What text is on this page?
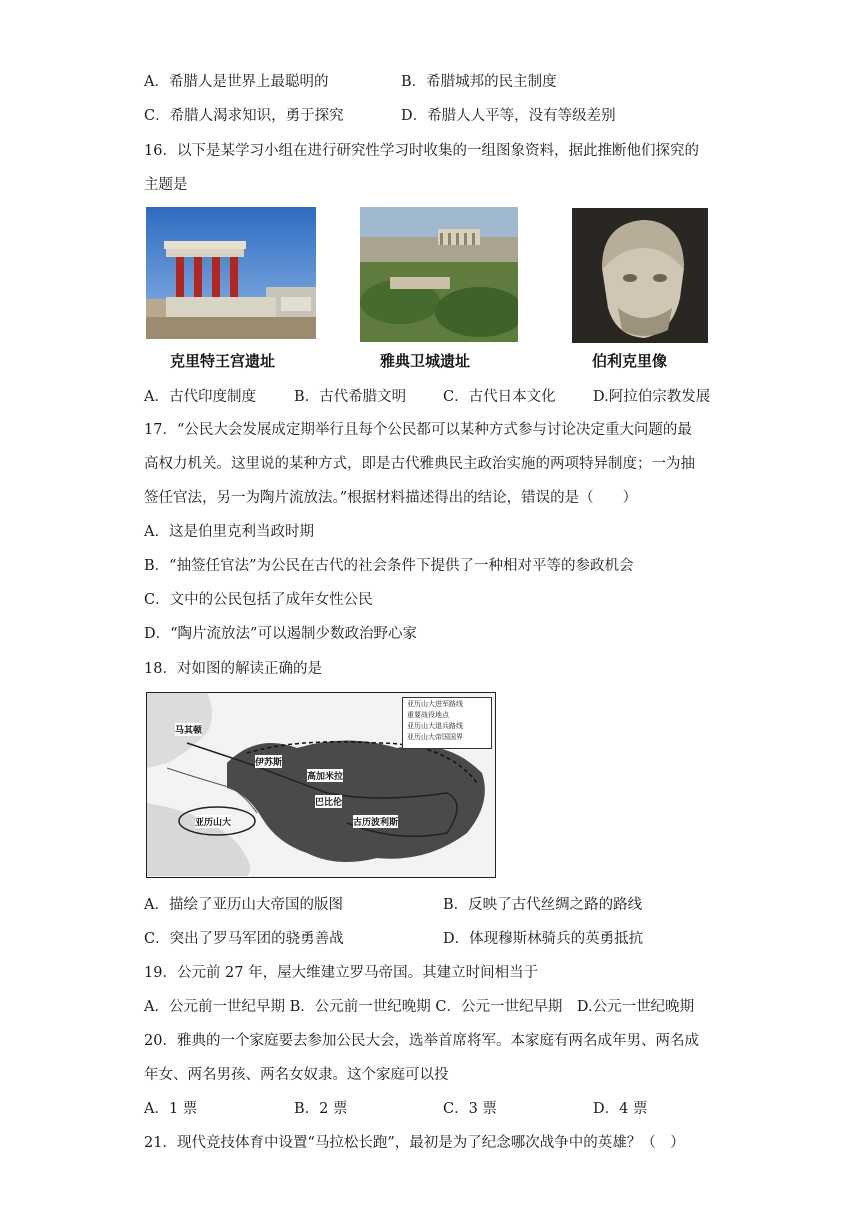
A．希腊人是世界上最聪明的	B．希腊城邦的民主制度
C．希腊人渴求知识，勇于探究	D．希腊人人平等，没有等级差别
16．以下是某学习小组在进行研究性学习时收集的一组图象资料，据此推断他们探究的
主题是
克里特王宫遗址	雅典卫城遗址	伯利克里像
A．古代印度制度	B．古代希腊文明	C．古代日本文化	D.阿拉伯宗教发展
17．“公民大会发展成定期举行且每个公民都可以某种方式参与讨论决定重大问题的最
高权力机关。这里说的某种方式，即是古代雅典民主政治实施的两项特异制度；一为抽
签任官法，另一为陶片流放法。”根据材料描述得出的结论，错误的是（　　）
A．这是伯里克利当政时期
B．“抽签任官法”为公民在古代的社会条件下提供了一种相对平等的参政机会
C．文中的公民包括了成年女性公民
D．“陶片流放法”可以遏制少数政治野心家
18．对如图的解读正确的是
亚历山大进军路线
重要战役地点
亚历山大退兵路线
亚历山大帝国国界
马其顿
伊苏斯
高加米拉
巴比伦
亚历山大	古历波利斯
A．描绘了亚历山大帝国的版图	B．反映了古代丝绸之路的路线
C．突出了罗马军团的骁勇善战	D．体现穆斯林骑兵的英勇抵抗
19．公元前 27 年，屋大维建立罗马帝国。其建立时间相当于
A．公元前一世纪早期 B．公元前一世纪晚期 C．公元一世纪早期　D.公元一世纪晚期
20．雅典的一个家庭要去参加公民大会，选举首席将军。本家庭有两名成年男、两名成
年女、两名男孩、两名女奴隶。这个家庭可以投
A．1 票	B．2 票	C．3 票	D．4 票
21．现代竞技体育中设置“马拉松长跑”，最初是为了纪念哪次战争中的英雄？（　）
